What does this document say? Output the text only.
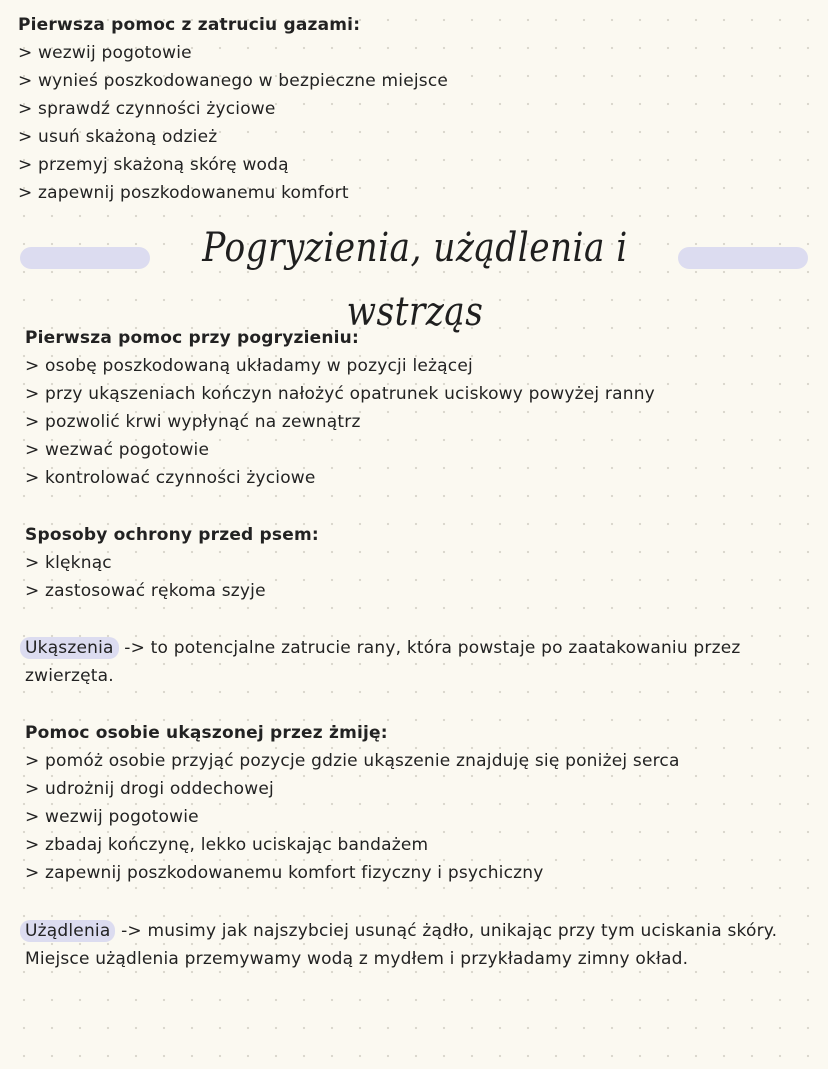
Pierwsza pomoc z zatruciu gazami:
> wezwij pogotowie
> wynieś poszkodowanego w bezpieczne miejsce
> sprawdź czynności życiowe
> usuń skażoną odzież
> przemyj skażoną skórę wodą
> zapewnij poszkodowanemu komfort
Pogryzienia, użądlenia i wstrząs
Pierwsza pomoc przy pogryzieniu:
> osobę poszkodowaną układamy w pozycji leżącej
> przy ukąszeniach kończyn nałożyć opatrunek uciskowy powyżej ranny
> pozwolić krwi wypłynąć na zewnątrz
> wezwać pogotowie
> kontrolować czynności życiowe
Sposoby ochrony przed psem:
> klęknąc
> zastosować rękoma szyje
Ukąszenia -> to potencjalne zatrucie rany, która powstaje po zaatakowaniu przez
zwierzęta.
Pomoc osobie ukąszonej przez żmiję:
> pomóż osobie przyjąć pozycje gdzie ukąszenie znajduję się poniżej serca
> udrożnij drogi oddechowej
> wezwij pogotowie
> zbadaj kończynę, lekko uciskając bandażem
> zapewnij poszkodowanemu komfort fizyczny i psychiczny
Użądlenia -> musimy jak najszybciej usunąć żądło, unikając przy tym uciskania skóry.
Miejsce użądlenia przemywamy wodą z mydłem i przykładamy zimny okład.
